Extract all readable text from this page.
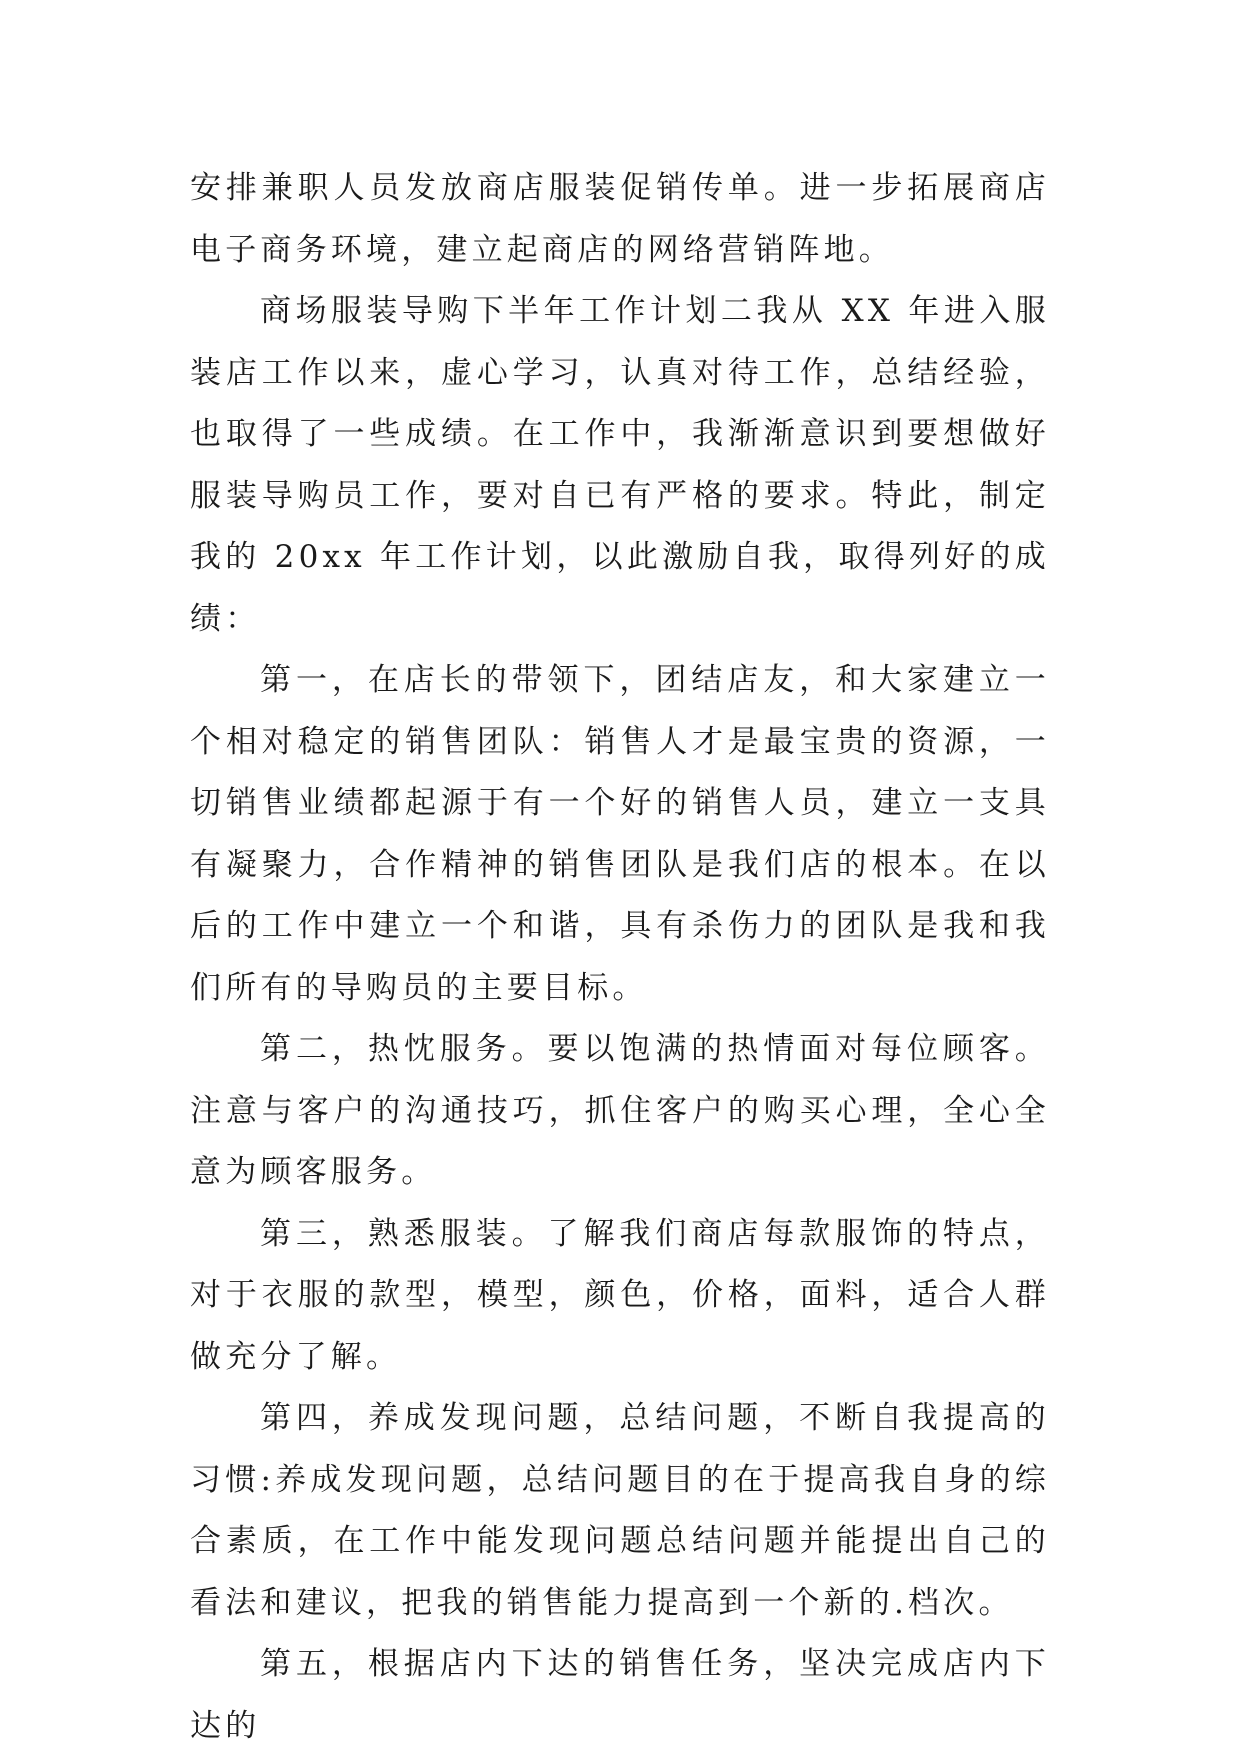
安排兼职人员发放商店服装促销传单。进一步拓展商店电子商务环境，建立起商店的网络营销阵地。

商场服装导购下半年工作计划二我从 XX 年进入服装店工作以来，虚心学习，认真对待工作，总结经验，也取得了一些成绩。在工作中，我渐渐意识到要想做好服装导购员工作，要对自已有严格的要求。特此，制定我的 20xx 年工作计划，以此激励自我，取得列好的成绩：

第一，在店长的带领下，团结店友，和大家建立一个相对稳定的销售团队：销售人才是最宝贵的资源，一切销售业绩都起源于有一个好的销售人员，建立一支具有凝聚力，合作精神的销售团队是我们店的根本。在以后的工作中建立一个和谐，具有杀伤力的团队是我和我们所有的导购员的主要目标。

第二，热忱服务。要以饱满的热情面对每位顾客。注意与客户的沟通技巧，抓住客户的购买心理，全心全意为顾客服务。

第三，熟悉服装。了解我们商店每款服饰的特点，对于衣服的款型，模型，颜色，价格，面料，适合人群做充分了解。

第四，养成发现问题，总结问题，不断自我提高的习惯:养成发现问题，总结问题目的在于提高我自身的综合素质，在工作中能发现问题总结问题并能提出自己的看法和建议，把我的销售能力提高到一个新的.档次。

第五，根据店内下达的销售任务，坚决完成店内下达的
